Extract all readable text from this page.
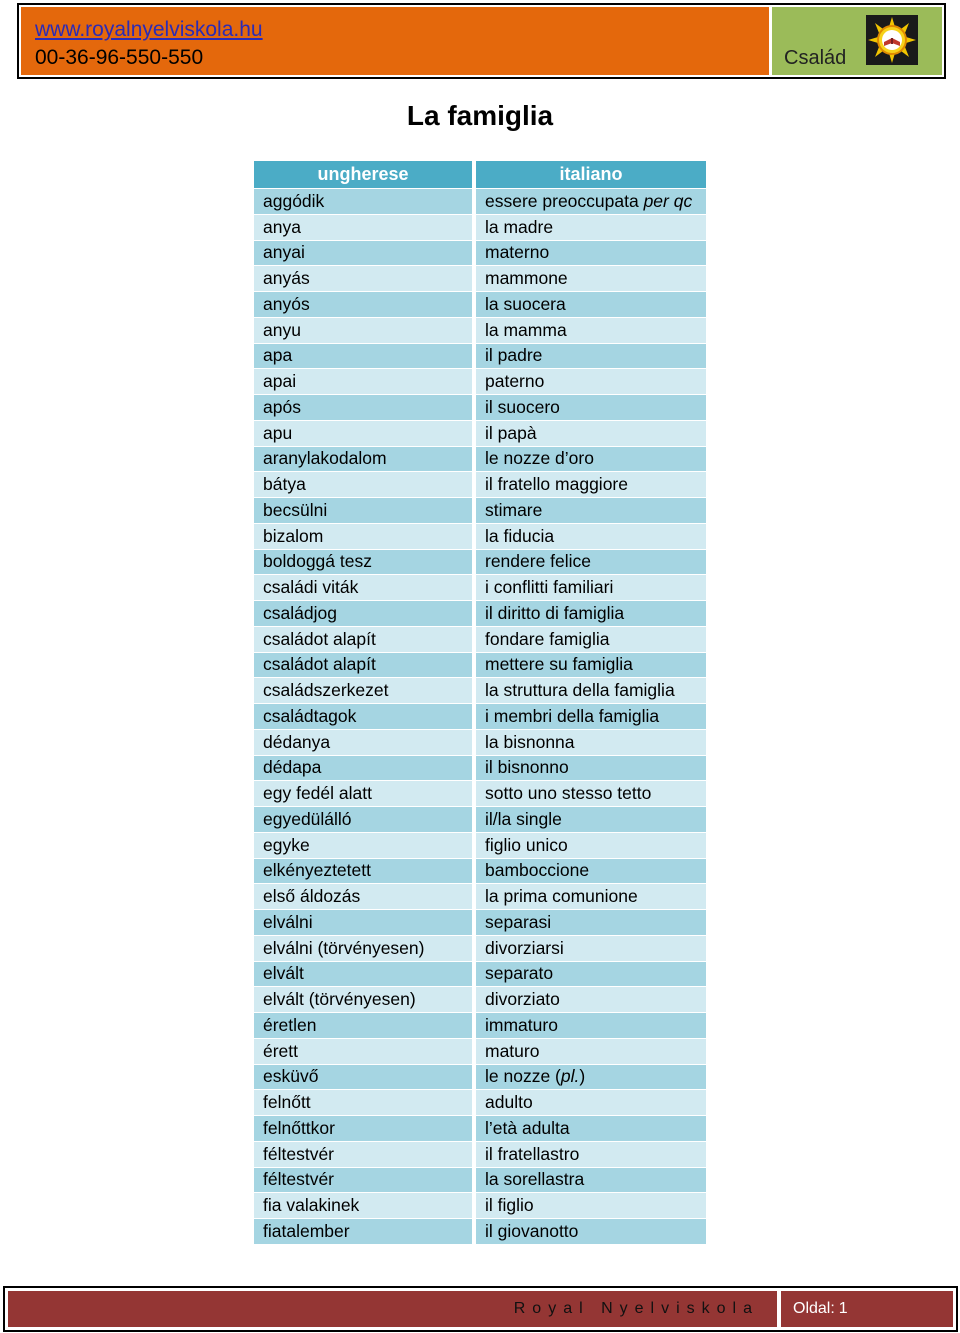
www.royalnyelviskola.hu
00-36-96-550-550	Család
La famiglia
ungherese	italiano
aggódik	essere preoccupata per qc
anya	la madre
anyai	materno
anyás	mammone
anyós	la suocera
anyu	la mamma
apa	il padre
apai	paterno
após	il suocero
apu	il papà
aranylakodalom	le nozze d’oro
bátya	il fratello maggiore
becsülni	stimare
bizalom	la fiducia
boldoggá tesz	rendere felice
családi viták	i conflitti familiari
családjog	il diritto di famiglia
családot alapít	fondare famiglia
családot alapít	mettere su famiglia
családszerkezet	la struttura della famiglia
családtagok	i membri della famiglia
dédanya	la bisnonna
dédapa	il bisnonno
egy fedél alatt	sotto uno stesso tetto
egyedülálló	il/la single
egyke	figlio unico
elkényeztetett	bamboccione
első áldozás	la prima comunione
elválni	separasi
elválni (törvényesen)	divorziarsi
elvált	separato
elvált (törvényesen)	divorziato
éretlen	immaturo
érett	maturo
esküvő	le nozze (pl.)
felnőtt	adulto
felnőttkor	l’età adulta
féltestvér	il fratellastro
féltestvér	la sorellastra
fia valakinek	il figlio
fiatalember	il giovanotto
Royal Nyelviskola Oldal: 1
